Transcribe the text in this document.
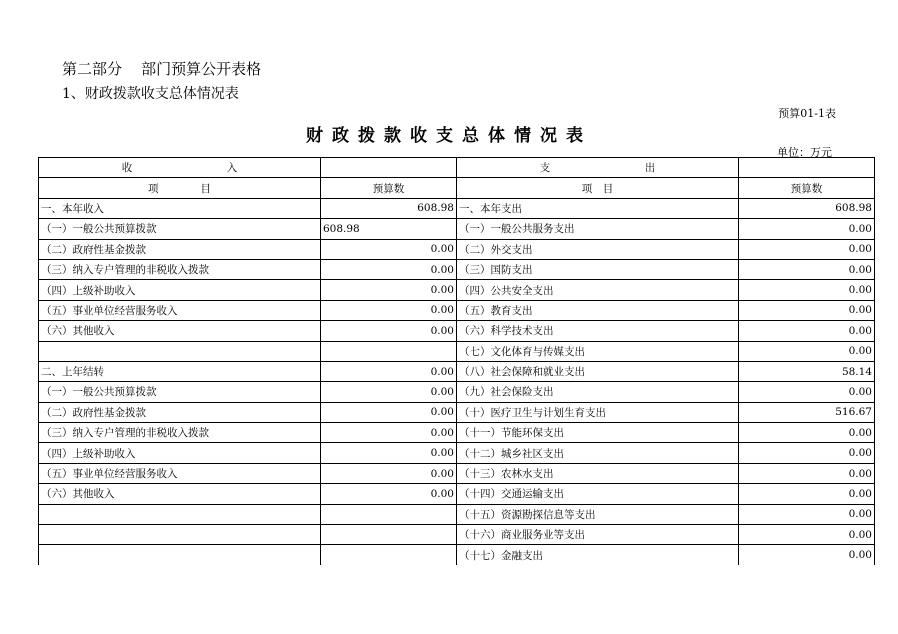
第二部分    部门预算公开表格
1、财政拨款收支总体情况表
预算01-1表
财政拨款收支总体情况表
单位：万元
收　　　　　　　　　入		支　　　　　　　　　出	
项　　　　目	预算数	项　目	预算数
一、本年收入	608.98	一、本年支出	608.98
（一）一般公共预算拨款	608.98	（一）一般公共服务支出	0.00
（二）政府性基金拨款	0.00	（二）外交支出	0.00
（三）纳入专户管理的非税收入拨款	0.00	（三）国防支出	0.00
（四）上级补助收入	0.00	（四）公共安全支出	0.00
（五）事业单位经营服务收入	0.00	（五）教育支出	0.00
（六）其他收入	0.00	（六）科学技术支出	0.00
		（七）文化体育与传媒支出	0.00
二、上年结转	0.00	（八）社会保障和就业支出	58.14
（一）一般公共预算拨款	0.00	（九）社会保险支出	0.00
（二）政府性基金拨款	0.00	（十）医疗卫生与计划生育支出	516.67
（三）纳入专户管理的非税收入拨款	0.00	（十一）节能环保支出	0.00
（四）上级补助收入	0.00	（十二）城乡社区支出	0.00
（五）事业单位经营服务收入	0.00	（十三）农林水支出	0.00
（六）其他收入	0.00	（十四）交通运输支出	0.00
		（十五）资源勘探信息等支出	0.00
		（十六）商业服务业等支出	0.00
		（十七）金融支出	0.00
